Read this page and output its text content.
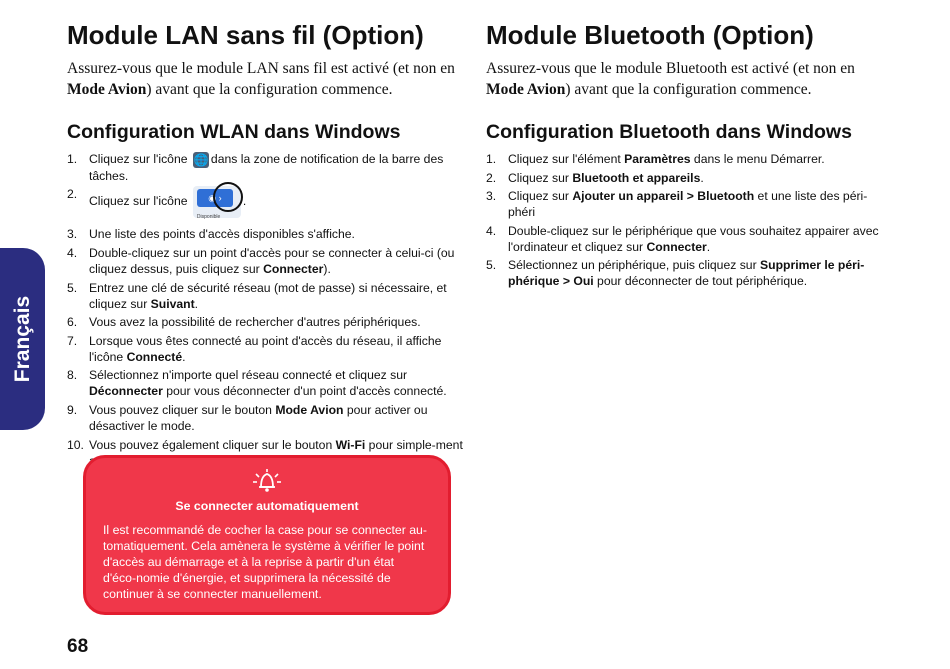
Français
Module LAN sans fil (Option)

Assurez-vous que le module LAN sans fil est activé (et non en Mode Avion) avant que la configuration commence.

Configuration WLAN dans Windows
1. Cliquez sur l'icône 🌐 dans la zone de notification de la barre des tâches.
2.
Cliquez sur l'icône	◉ ›
Disponible
.
3. Une liste des points d'accès disponibles s'affiche.
4. Double-cliquez sur un point d'accès pour se connecter à celui-ci (ou cliquez dessus, puis cliquez sur Connecter).
5. Entrez une clé de sécurité réseau (mot de passe) si nécessaire, et cliquez sur Suivant.
6. Vous avez la possibilité de rechercher d'autres périphériques.
7. Lorsque vous êtes connecté au point d'accès du réseau, il affiche l'icône Connecté.
8. Sélectionnez n'importe quel réseau connecté et cliquez sur Déconnecter pour vous déconnecter d'un point d'accès connecté.
9. Vous pouvez cliquer sur le bouton Mode Avion pour activer ou désactiver le mode.
10. Vous pouvez également cliquer sur le bouton Wi-Fi pour simple-ment
Module Bluetooth (Option)

Assurez-vous que le module Bluetooth est activé (et non en Mode Avion) avant que la configuration commence.

Configuration Bluetooth dans Windows
1. Cliquez sur l'élément Paramètres dans le menu Démarrer.
2. Cliquez sur Bluetooth et appareils.
3. Cliquez sur Ajouter un appareil > Bluetooth et une liste des péri-phéri
4. Double-cliquez sur le périphérique que vous souhaitez appairer avec l'ordinateur et cliquez sur Connecter.
5. Sélectionnez un périphérique, puis cliquez sur Supprimer le péri-phérique > Oui pour déconnecter de tout périphérique.
Se connecter automatiquement
Il est recommandé de cocher la case pour se connecter au-tomatiquement. Cela amènera le système à vérifier le point d'accès au démarrage et à la reprise à partir d'un état d'éco-nomie d'énergie, et supprimera la nécessité de continuer à se connecter manuellement.
68
